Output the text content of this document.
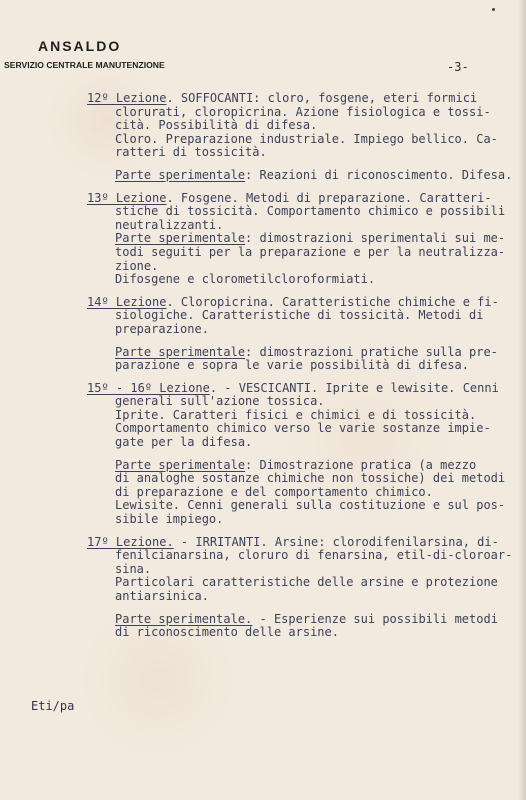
ANSALDO
SERVIZIO CENTRALE MANUTENZIONE	-3-
12º Lezione. SOFFOCANTI: cloro, fosgene, eteri formici
clorurati, cloropicrina. Azione fisiologica e tossi-
cità. Possibilità di difesa.
Cloro. Preparazione industriale. Impiego bellico. Ca-
ratteri di tossicità.
Parte sperimentale: Reazioni di riconoscimento. Difesa.
13º Lezione. Fosgene. Metodi di preparazione. Caratteri-
stiche di tossicità. Comportamento chimico e possibili
neutralizzanti.
Parte sperimentale: dimostrazioni sperimentali sui me-
todi seguiti per la preparazione e per la neutralizza-
zione.
Difosgene e clorometilcloroformiati.
14º Lezione. Cloropicrina. Caratteristiche chimiche e fi-
siologiche. Caratteristiche di tossicità. Metodi di
preparazione.
Parte sperimentale: dimostrazioni pratiche sulla pre-
parazione e sopra le varie possibilità di difesa.
15º - 16º Lezione. - VESCICANTI. Iprite e lewisite. Cenni
generali sull'azione tossica.
Iprite. Caratteri fisici e chimici e di tossicità.
Comportamento chimico verso le varie sostanze impie-
gate per la difesa.
Parte sperimentale: Dimostrazione pratica (a mezzo
di analoghe sostanze chimiche non tossiche) dei metodi
di preparazione e del comportamento chimico.
Lewisite. Cenni generali sulla costituzione e sul pos-
sibile impiego.
17º Lezione. - IRRITANTI. Arsine: clorodifenilarsina, di-
fenilcianarsina, cloruro di fenarsina, etil-di-cloroar-
sina.
Particolari caratteristiche delle arsine e protezione
antiarsinica.
Parte sperimentale. - Esperienze sui possibili metodi
di riconoscimento delle arsine.
Eti/pa
